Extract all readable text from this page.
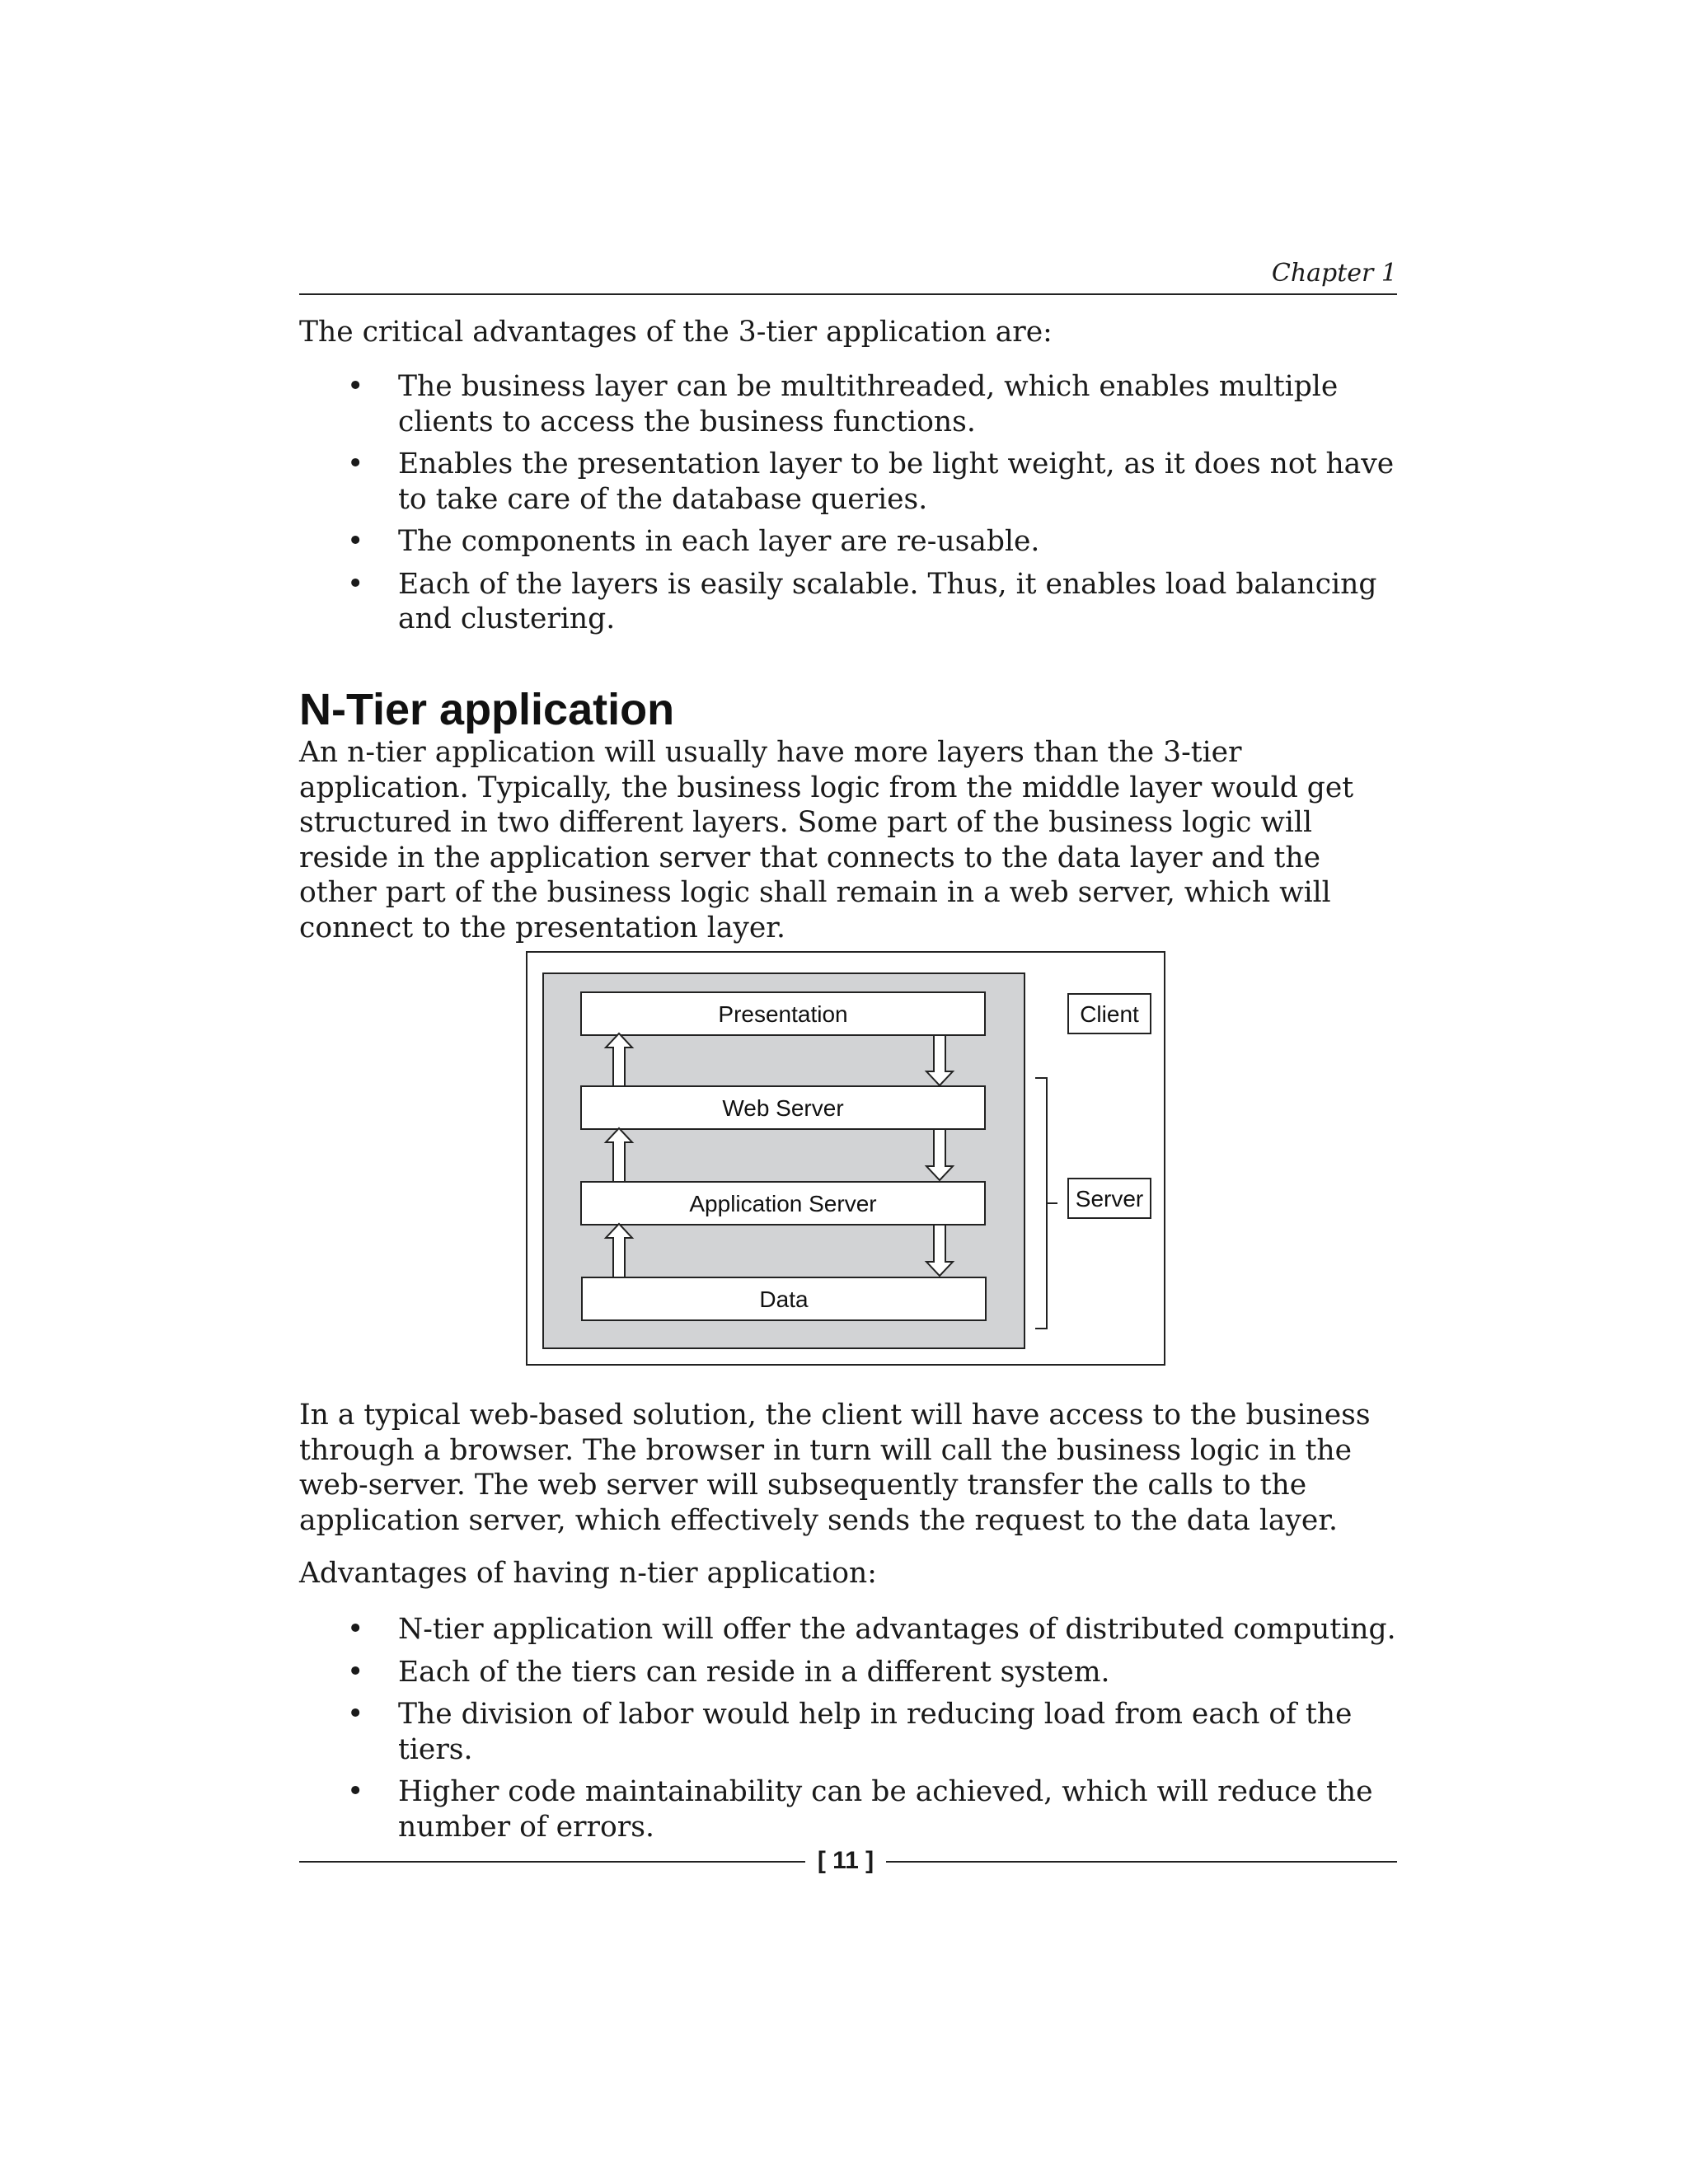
Chapter 1

The critical advantages of the 3-tier application are:

• The business layer can be multithreaded, which enables multiple clients to access the business functions.
• Enables the presentation layer to be light weight, as it does not have to take care of the database queries.
• The components in each layer are re-usable.
• Each of the layers is easily scalable. Thus, it enables load balancing and clustering.
N-Tier application

An n-tier application will usually have more layers than the 3-tier application. Typically, the business logic from the middle layer would get structured in two different layers. Some part of the business logic will reside in the application server that connects to the data layer and the other part of the business logic shall remain in a web server, which will connect to the presentation layer.

Presentation
Web Server
Application Server
Data
Client
Server

In a typical web-based solution, the client will have access to the business through a browser. The browser in turn will call the business logic in the web-server. The web server will subsequently transfer the calls to the application server, which effectively sends the request to the data layer.

Advantages of having n-tier application:

• N-tier application will offer the advantages of distributed computing.
• Each of the tiers can reside in a different system.
• The division of labor would help in reducing load from each of the tiers.
• Higher code maintainability can be achieved, which will reduce the number of errors.
[ 11 ]
